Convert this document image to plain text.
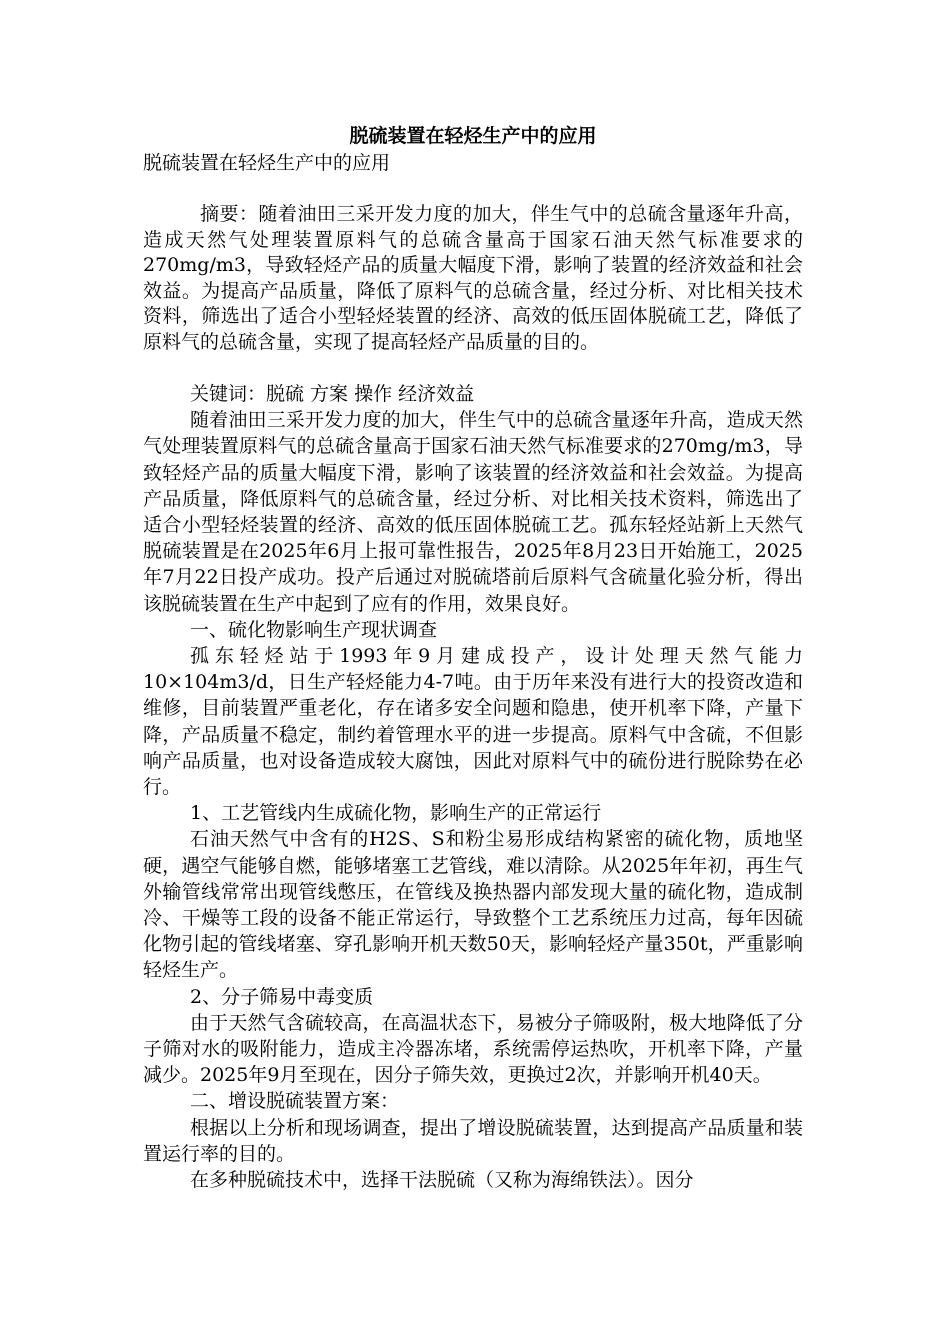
脱硫装置在轻烃生产中的应用

脱硫装置在轻烃生产中的应用

摘要：随着油田三采开发力度的加大，伴生气中的总硫含量逐年升高，造成天然气处理装置原料气的总硫含量高于国家石油天然气标准要求的270mg/m3，导致轻烃产品的质量大幅度下滑，影响了装置的经济效益和社会效益。为提高产品质量，降低了原料气的总硫含量，经过分析、对比相关技术资料，筛选出了适合小型轻烃装置的经济、高效的低压固体脱硫工艺，降低了原料气的总硫含量，实现了提高轻烃产品质量的目的。

关键词：脱硫 方案 操作 经济效益

随着油田三采开发力度的加大，伴生气中的总硫含量逐年升高，造成天然气处理装置原料气的总硫含量高于国家石油天然气标准要求的270mg/m3，导致轻烃产品的质量大幅度下滑，影响了该装置的经济效益和社会效益。为提高产品质量，降低原料气的总硫含量，经过分析、对比相关技术资料，筛选出了适合小型轻烃装置的经济、高效的低压固体脱硫工艺。孤东轻烃站新上天然气脱硫装置是在2025年6月上报可靠性报告，2025年8月23日开始施工，2025年7月22日投产成功。投产后通过对脱硫塔前后原料气含硫量化验分析，得出该脱硫装置在生产中起到了应有的作用，效果良好。

一、硫化物影响生产现状调查

孤东轻烃站于1993年9月建成投产，设计处理天然气能力10×104m3/d，日生产轻烃能力4-7吨。由于历年来没有进行大的投资改造和维修，目前装置严重老化，存在诸多安全问题和隐患，使开机率下降，产量下降，产品质量不稳定，制约着管理水平的进一步提高。原料气中含硫，不但影响产品质量，也对设备造成较大腐蚀，因此对原料气中的硫份进行脱除势在必行。

1、工艺管线内生成硫化物，影响生产的正常运行

石油天然气中含有的H2S、S和粉尘易形成结构紧密的硫化物，质地坚硬，遇空气能够自燃，能够堵塞工艺管线，难以清除。从2025年年初，再生气外输管线常常出现管线憋压，在管线及换热器内部发现大量的硫化物，造成制冷、干燥等工段的设备不能正常运行，导致整个工艺系统压力过高，每年因硫化物引起的管线堵塞、穿孔影响开机天数50天，影响轻烃产量350t，严重影响轻烃生产。

2、分子筛易中毒变质

由于天然气含硫较高，在高温状态下，易被分子筛吸附，极大地降低了分子筛对水的吸附能力，造成主冷器冻堵，系统需停运热吹，开机率下降，产量减少。2025年9月至现在，因分子筛失效，更换过2次，并影响开机40天。

二、增设脱硫装置方案：

根据以上分析和现场调查，提出了增设脱硫装置，达到提高产品质量和装置运行率的目的。

在多种脱硫技术中，选择干法脱硫（又称为海绵铁法）。因分
